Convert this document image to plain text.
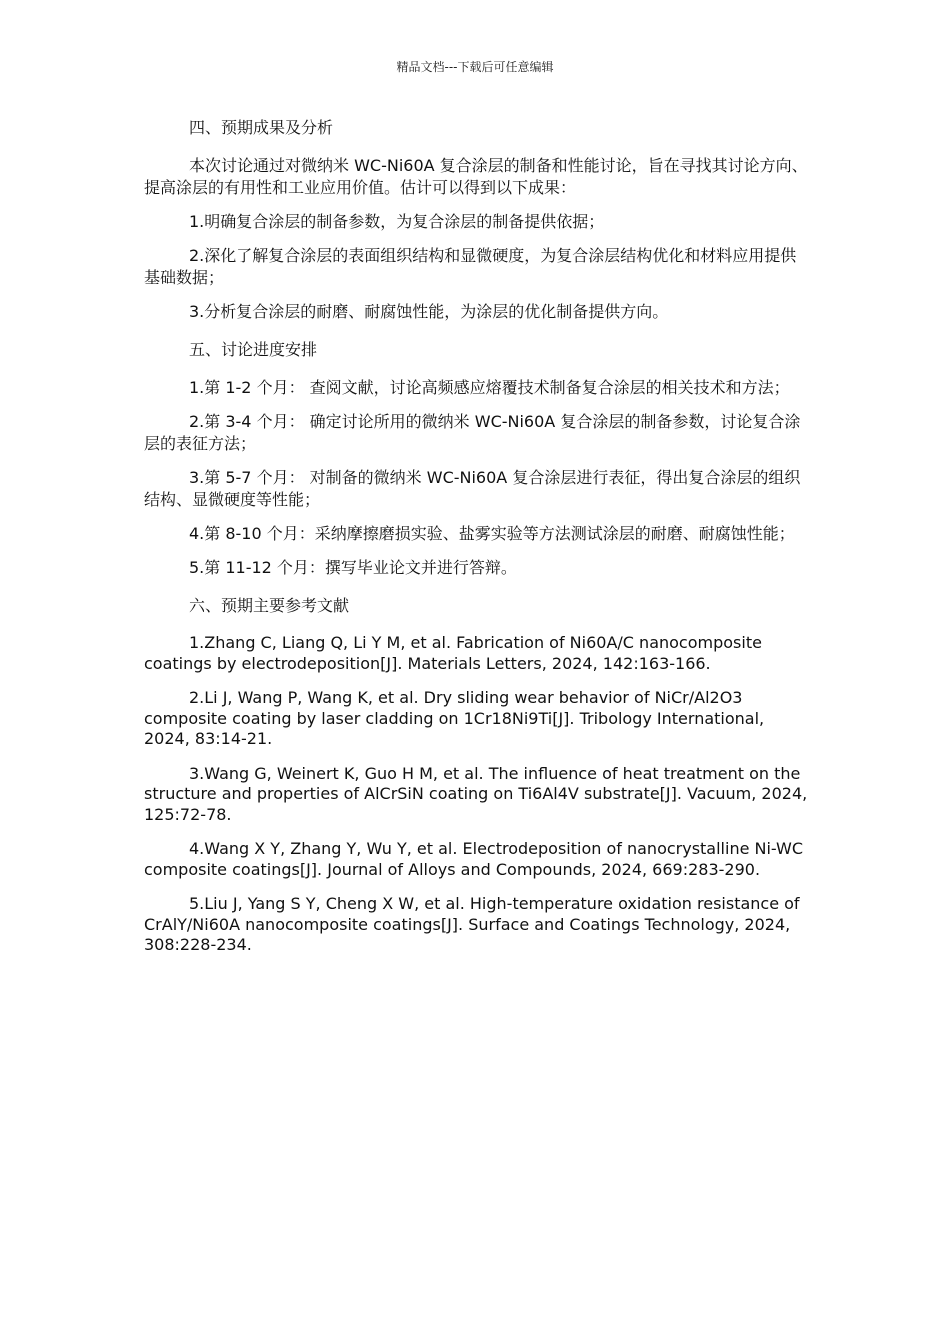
精品文档---下载后可任意编辑

四、预期成果及分析

本次讨论通过对微纳米 WC-Ni60A 复合涂层的制备和性能讨论，旨在寻找其讨论方向、提高涂层的有用性和工业应用价值。估计可以得到以下成果：

1.明确复合涂层的制备参数，为复合涂层的制备提供依据；

2.深化了解复合涂层的表面组织结构和显微硬度，为复合涂层结构优化和材料应用提供基础数据；

3.分析复合涂层的耐磨、耐腐蚀性能，为涂层的优化制备提供方向。

五、讨论进度安排

1.第 1-2 个月： 查阅文献，讨论高频感应熔覆技术制备复合涂层的相关技术和方法；

2.第 3-4 个月： 确定讨论所用的微纳米 WC-Ni60A 复合涂层的制备参数，讨论复合涂层的表征方法；

3.第 5-7 个月： 对制备的微纳米 WC-Ni60A 复合涂层进行表征，得出复合涂层的组织结构、显微硬度等性能；

4.第 8-10 个月：采纳摩擦磨损实验、盐雾实验等方法测试涂层的耐磨、耐腐蚀性能；

5.第 11-12 个月：撰写毕业论文并进行答辩。

六、预期主要参考文献

1.Zhang C, Liang Q, Li Y M, et al. Fabrication of Ni60A/C nanocomposite coatings by electrodeposition[J]. Materials Letters, 2024, 142:163-166.

2.Li J, Wang P, Wang K, et al. Dry sliding wear behavior of NiCr/Al2O3 composite coating by laser cladding on 1Cr18Ni9Ti[J]. Tribology International, 2024, 83:14-21.

3.Wang G, Weinert K, Guo H M, et al. The influence of heat treatment on the structure and properties of AlCrSiN coating on Ti6Al4V substrate[J]. Vacuum, 2024, 125:72-78.

4.Wang X Y, Zhang Y, Wu Y, et al. Electrodeposition of nanocrystalline Ni-WC composite coatings[J]. Journal of Alloys and Compounds, 2024, 669:283-290.

5.Liu J, Yang S Y, Cheng X W, et al. High-temperature oxidation resistance of CrAlY/Ni60A nanocomposite coatings[J]. Surface and Coatings Technology, 2024, 308:228-234.
